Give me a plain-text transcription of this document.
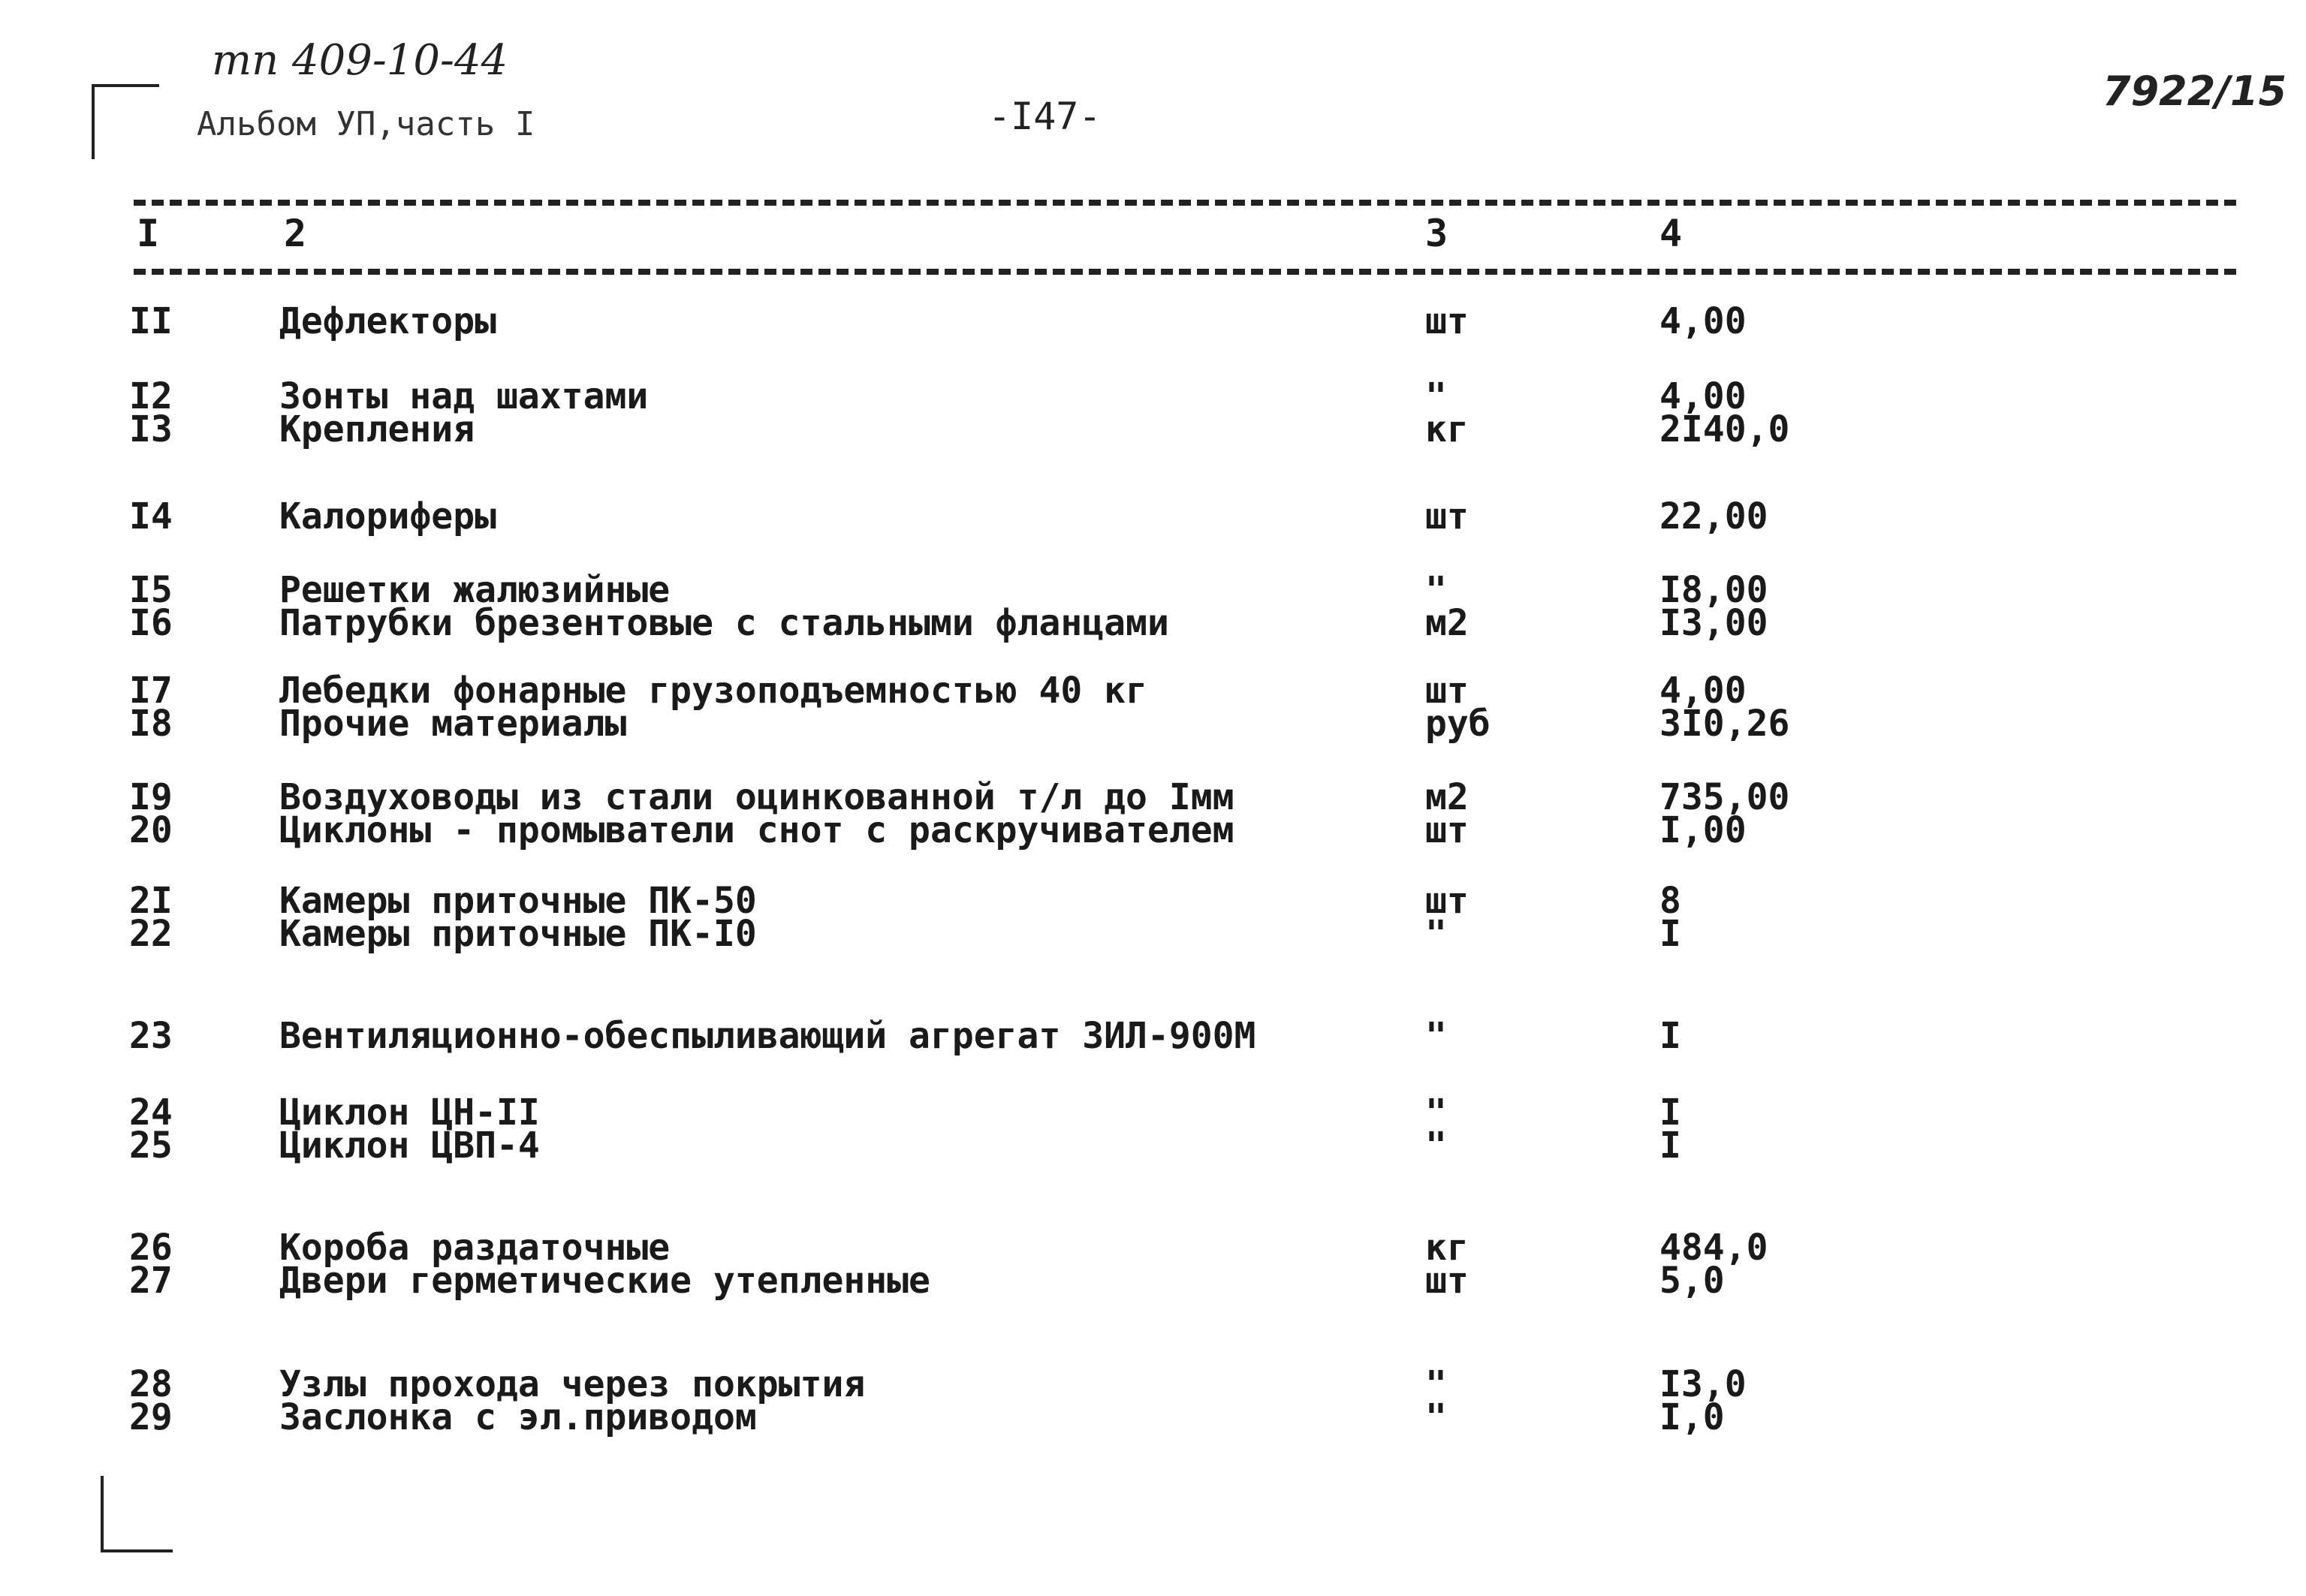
тп 409-10-44
Альбом УП,часть I	-I47-
7922/15
I	2	3	4
II	Дефлекторы	шт	4,00
I2	Зонты над шахтами	"	4,00
I3	Крепления	кг	2I40,0
I4	Калориферы	шт	22,00
I5	Решетки жалюзийные	"	I8,00
I6	Патрубки брезентовые с стальными фланцами	м2	I3,00
I7	Лебедки фонарные грузоподъемностью 40 кг	шт	4,00
I8	Прочие материалы	руб	3I0,26
I9	Воздуховоды из стали оцинкованной т/л до Iмм	м2	735,00
20	Циклоны - промыватели снот с раскручивателем	шт	I,00
2I	Камеры приточные ПК-50	шт	8
22	Камеры приточные ПК-I0	"	I
23	Вентиляционно-обеспыливающий агрегат ЗИЛ-900М	"	I
24	Циклон ЦН-II	"	I
25	Циклон ЦВП-4	"	I
26	Короба раздаточные	кг	484,0
27	Двери герметические утепленные	шт	5,0
28	Узлы прохода через покрытия	"	I3,0
29	Заслонка с эл.приводом	"	I,0
